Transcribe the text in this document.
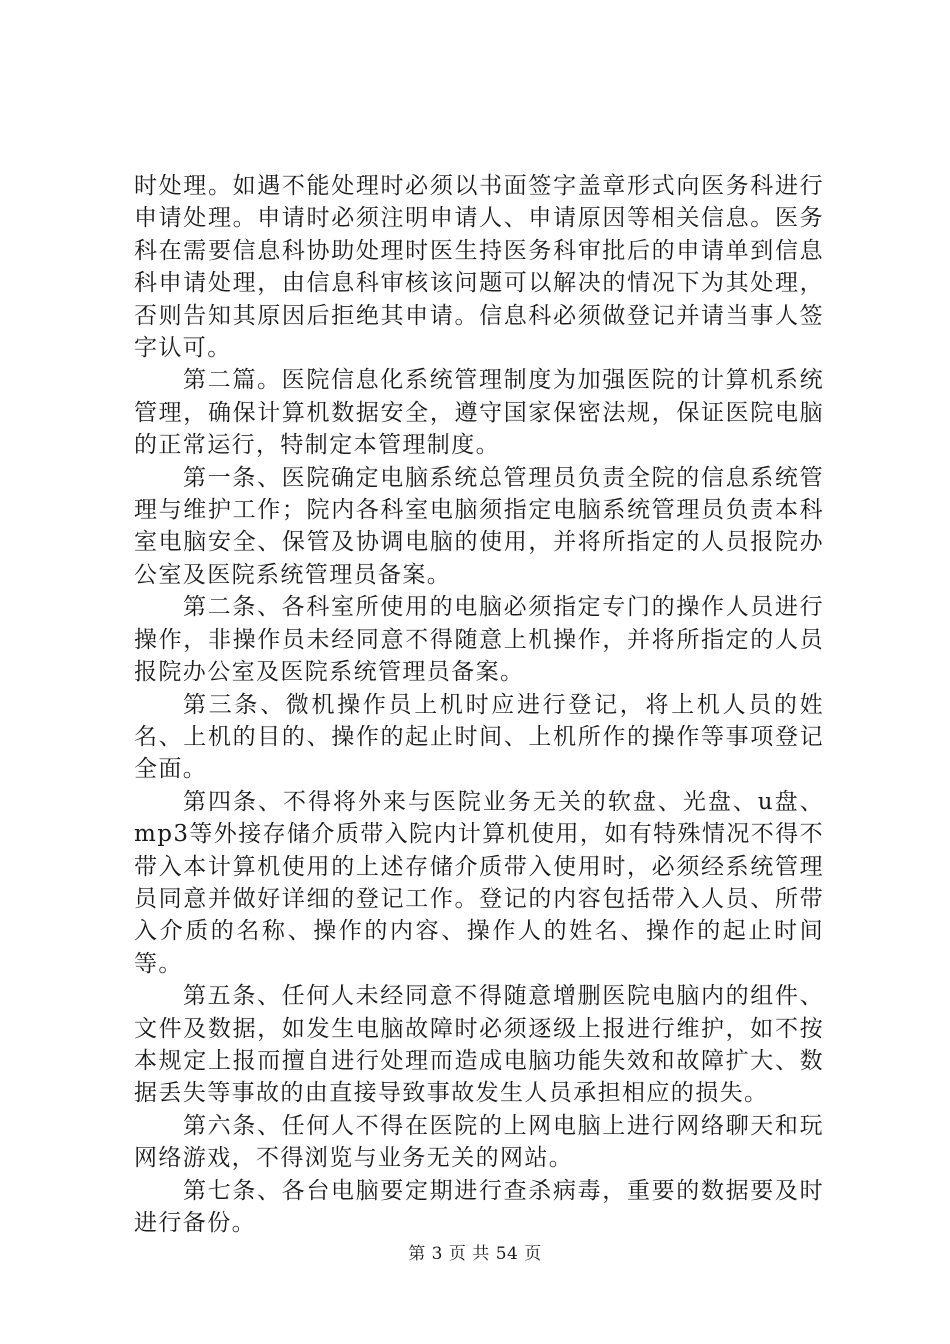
时处理。如遇不能处理时必须以书面签字盖章形式向医务科进行申请处理。申请时必须注明申请人、申请原因等相关信息。医务科在需要信息科协助处理时医生持医务科审批后的申请单到信息科申请处理，由信息科审核该问题可以解决的情况下为其处理，否则告知其原因后拒绝其申请。信息科必须做登记并请当事人签字认可。

第二篇。医院信息化系统管理制度为加强医院的计算机系统管理，确保计算机数据安全，遵守国家保密法规，保证医院电脑的正常运行，特制定本管理制度。

第一条、医院确定电脑系统总管理员负责全院的信息系统管理与维护工作；院内各科室电脑须指定电脑系统管理员负责本科室电脑安全、保管及协调电脑的使用，并将所指定的人员报院办公室及医院系统管理员备案。

第二条、各科室所使用的电脑必须指定专门的操作人员进行操作，非操作员未经同意不得随意上机操作，并将所指定的人员报院办公室及医院系统管理员备案。

第三条、微机操作员上机时应进行登记，将上机人员的姓名、上机的目的、操作的起止时间、上机所作的操作等事项登记全面。

第四条、不得将外来与医院业务无关的软盘、光盘、u盘、mp3等外接存储介质带入院内计算机使用，如有特殊情况不得不带入本计算机使用的上述存储介质带入使用时，必须经系统管理员同意并做好详细的登记工作。登记的内容包括带入人员、所带入介质的名称、操作的内容、操作人的姓名、操作的起止时间等。

第五条、任何人未经同意不得随意增删医院电脑内的组件、文件及数据，如发生电脑故障时必须逐级上报进行维护，如不按本规定上报而擅自进行处理而造成电脑功能失效和故障扩大、数据丢失等事故的由直接导致事故发生人员承担相应的损失。

第六条、任何人不得在医院的上网电脑上进行网络聊天和玩网络游戏，不得浏览与业务无关的网站。

第七条、各台电脑要定期进行查杀病毒，重要的数据要及时进行备份。

第 3 页 共 54 页
